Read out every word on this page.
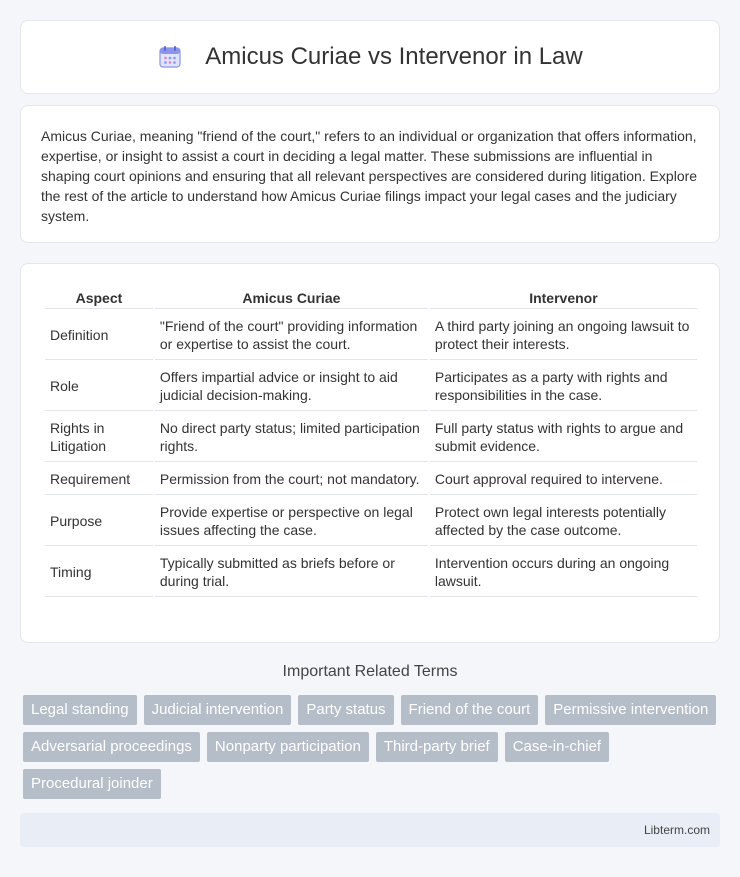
Amicus Curiae vs Intervenor in Law

Amicus Curiae, meaning "friend of the court," refers to an individual or organization that offers information, expertise, or insight to assist a court in deciding a legal matter. These submissions are influential in shaping court opinions and ensuring that all relevant perspectives are considered during litigation. Explore the rest of the article to understand how Amicus Curiae filings impact your legal cases and the judiciary system.

Aspect	Amicus Curiae	Intervenor
Definition	"Friend of the court" providing information or expertise to assist the court.	A third party joining an ongoing lawsuit to protect their interests.
Role	Offers impartial advice or insight to aid judicial decision-making.	Participates as a party with rights and responsibilities in the case.
Rights in Litigation	No direct party status; limited participation rights.	Full party status with rights to argue and submit evidence.
Requirement	Permission from the court; not mandatory.	Court approval required to intervene.
Purpose	Provide expertise or perspective on legal issues affecting the case.	Protect own legal interests potentially affected by the case outcome.
Timing	Typically submitted as briefs before or during trial.	Intervention occurs during an ongoing lawsuit.
Important Related Terms
Legal standing	Judicial intervention	Party status	Friend of the court	Permissive intervention
Adversarial proceedings	Nonparty participation	Third-party brief	Case-in-chief
Procedural joinder
Libterm.com
